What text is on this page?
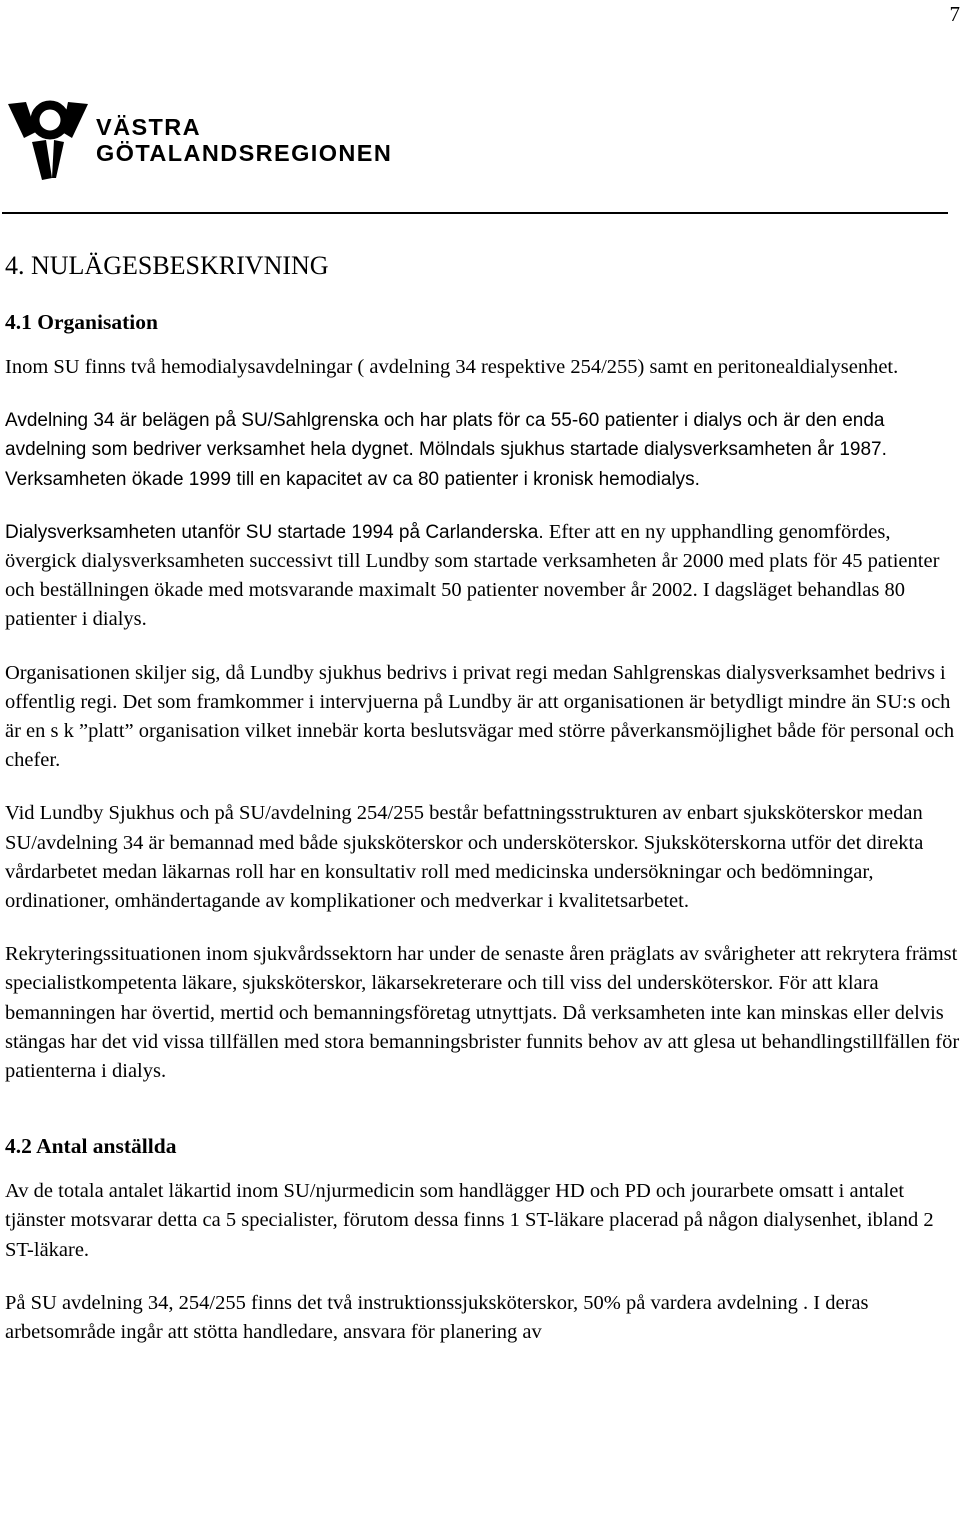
7
VÄSTRA
GÖTALANDSREGIONEN
4. NULÄGESBESKRIVNING
4.1 Organisation

Inom SU finns två hemodialysavdelningar ( avdelning 34 respektive 254/255) samt en peritonealdialysenhet.

Avdelning 34 är belägen på SU/Sahlgrenska och har plats för ca 55-60 patienter i dialys och är den enda avdelning som bedriver verksamhet hela dygnet. Mölndals sjukhus startade dialysverksamheten år 1987. Verksamheten ökade 1999 till en kapacitet av ca 80 patienter i kronisk hemodialys.

Dialysverksamheten utanför SU startade 1994 på Carlanderska. Efter att en ny upphandling genomfördes, övergick dialysverksamheten successivt till Lundby som startade verksamheten år 2000 med plats för 45 patienter och beställningen ökade med motsvarande maximalt 50 patienter november år 2002. I dagsläget behandlas 80 patienter i dialys.

Organisationen skiljer sig, då Lundby sjukhus bedrivs i privat regi medan Sahlgrenskas dialysverksamhet bedrivs i offentlig regi. Det som framkommer i intervjuerna på Lundby är att organisationen är betydligt mindre än SU:s och är en s k ”platt” organisation vilket innebär korta beslutsvägar med större påverkansmöjlighet både för personal och chefer.

Vid Lundby Sjukhus och på SU/avdelning 254/255 består befattningsstrukturen av enbart sjuksköterskor medan SU/avdelning 34 är bemannad med både sjuksköterskor och undersköterskor. Sjuksköterskorna utför det direkta vårdarbetet medan läkarnas roll har en konsultativ roll med medicinska undersökningar och bedömningar, ordinationer, omhändertagande av komplikationer och medverkar i kvalitetsarbetet.

Rekryteringssituationen inom sjukvårdssektorn har under de senaste åren präglats av svårigheter att rekrytera främst specialistkompetenta läkare, sjuksköterskor, läkarsekreterare och till viss del undersköterskor. För att klara bemanningen har övertid, mertid och bemanningsföretag utnyttjats. Då verksamheten inte kan minskas eller delvis stängas har det vid vissa tillfällen med stora bemanningsbrister funnits behov av att glesa ut behandlingstillfällen för patienterna i dialys.

4.2 Antal anställda

Av de totala antalet läkartid inom SU/njurmedicin som handlägger HD och PD och jourarbete omsatt i antalet tjänster motsvarar detta ca 5 specialister, förutom dessa finns 1 ST-läkare placerad på någon dialysenhet, ibland 2 ST-läkare.

På SU avdelning 34, 254/255 finns det två instruktionssjuksköterskor, 50% på vardera avdelning . I deras arbetsområde ingår att stötta handledare, ansvara för planering av
